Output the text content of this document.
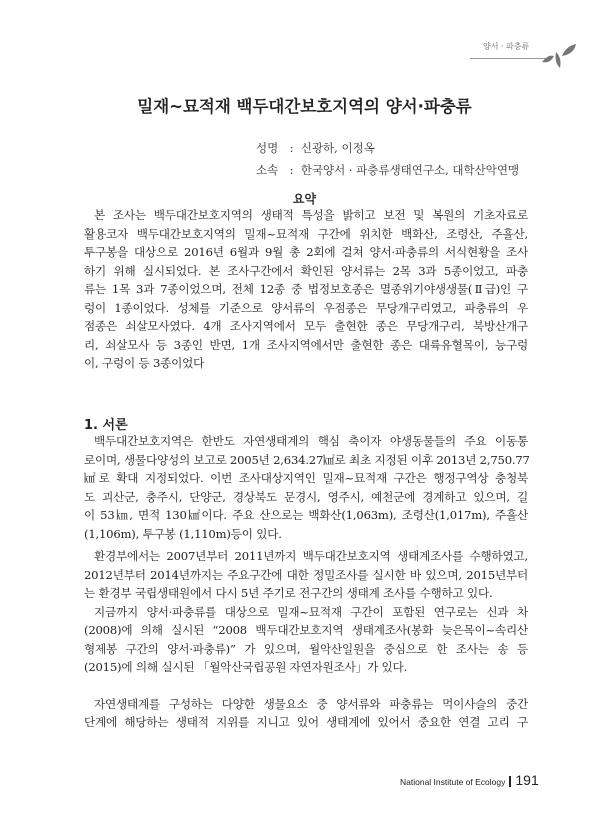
양서 · 파충류
밀재~묘적재 백두대간보호지역의 양서·파충류
성명 : 신광하, 이정옥
소속 : 한국양서 · 파충류생태연구소, 대학산악연맹
요약
본 조사는 백두대간보호지역의 생태적 특성을 밝히고 보전 및 복원의 기초자료로
활용코자 백두대간보호지역의 밀재~묘적재 구간에 위치한 백화산, 조령산, 주흘산,
투구봉을 대상으로 2016년 6월과 9월 총 2회에 걸쳐 양서·파충류의 서식현황을 조사
하기 위해 실시되었다. 본 조사구간에서 확인된 양서류는 2목 3과 5종이었고, 파충
류는 1목 3과 7종이었으며, 전체 12종 중 법정보호종은 멸종위기야생생물(Ⅱ급)인 구
렁이 1종이었다. 성체를 기준으로 양서류의 우점종은 무당개구리였고, 파충류의 우
점종은 쇠살모사였다. 4개 조사지역에서 모두 출현한 종은 무당개구리, 북방산개구
리, 쇠살모사 등 3종인 반면, 1개 조사지역에서만 출현한 종은 대륙유혈목이, 능구렁
이, 구렁이 등 3종이었다
1. 서론
백두대간보호지역은 한반도 자연생태계의 핵심 축이자 야생동물들의 주요 이동통
로이며, 생물다양성의 보고로 2005년 2,634.27㎢로 최초 지정된 이후 2013년 2,750.77
㎢로 확대 지정되었다. 이번 조사대상지역인 밀재~묘적재 구간은 행정구역상 충청북
도 괴산군, 충주시, 단양군, 경상북도 문경시, 영주시, 예천군에 경계하고 있으며, 길
이 53㎞, 면적 130㎢이다. 주요 산으로는 백화산(1,063m), 조령산(1,017m), 주흘산
(1,106m), 투구봉 (1,110m)등이 있다.
환경부에서는 2007년부터 2011년까지 백두대간보호지역 생태계조사를 수행하였고,
2012년부터 2014년까지는 주요구간에 대한 정밀조사를 실시한 바 있으며, 2015년부터
는 환경부 국립생태원에서 다시 5년 주기로 전구간의 생태계 조사를 수행하고 있다.
지금까지 양서·파충류를 대상으로 밀재~묘적재 구간이 포함된 연구로는 신과 차
(2008)에 의해 실시된 “2008 백두대간보호지역 생태계조사(봉화 늦은목이~속리산
형제봉 구간의 양서·파충류)” 가 있으며, 월악산일원을 중심으로 한 조사는 송 등
(2015)에 의해 실시된 「월악산국립공원 자연자원조사」가 있다.
자연생태계를 구성하는 다양한 생물요소 중 양서류와 파충류는 먹이사슬의 중간
단계에 해당하는 생태적 지위를 지니고 있어 생태계에 있어서 중요한 연결 고리 구
National Institute of Ecology 191
